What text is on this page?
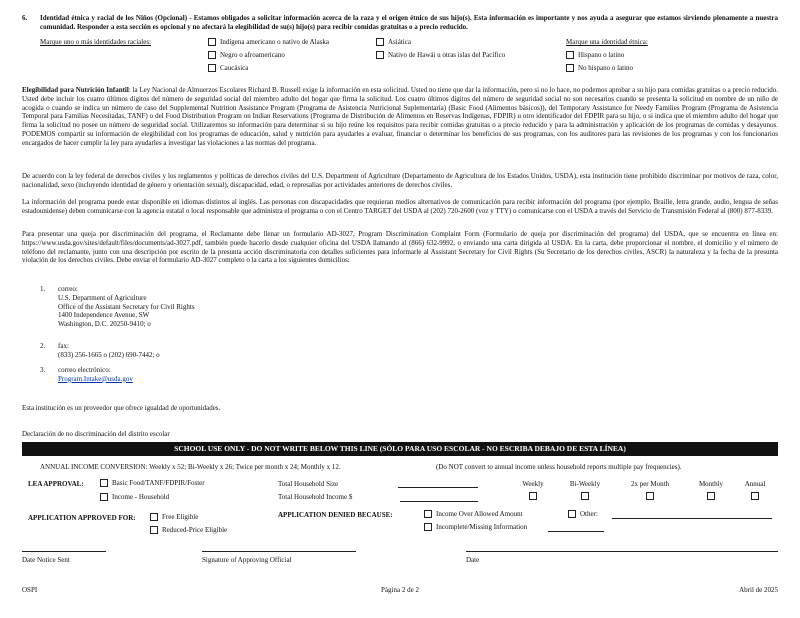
6. Identidad étnica y racial de los Niños (Opcional) - Estamos obligados a solicitar información acerca de la raza y el origen étnico de sus hijo(s). Esta información es importante y nos ayuda a asegurar que estamos sirviendo plenamente a nuestra comunidad. Responder a esta sección es opcional y no afectará la elegibilidad de su(s) hijo(s) para recibir comidas gratuitas o a precio reducido.
Marque uno o más identidades raciales:	Indígena americano o nativo de Alaska	Asiática
Negro o afroamericano	Nativo de Hawái u otras islas del Pacífico
Caucásica
Marque una identidad étnica:
Hispano o latino
No hispano o latino
Elegibilidad para Nutrición Infantil: la Ley Nacional de Almuerzos Escolares Richard B. Russell exige la información en esta solicitud. Usted no tiene que dar la información, pero si no lo hace, no podemos aprobar a su hijo para comidas gratuitas o a precio reducido. Usted debe incluir los cuatro últimos dígitos del número de seguridad social del miembro adulto del hogar que firma la solicitud. Los cuatro últimos dígitos del número de seguridad social no son necesarios cuando se presenta la solicitud en nombre de un niño de acogida o cuando se indica un número de caso del Supplemental Nutrition Assistance Program (Programa de Asistencia Nutricional Suplementaria) (Basic Food (Alimentos básicos)), del Temporary Assistance for Needy Families Program (Programa de Asistencia Temporal para Familias Necesitadas, TANF) o del Food Distribution Program on Indian Reservations (Programa de Distribución de Alimentos en Reservas Indígenas, FDPIR) u otro identificador del FDPIR para su hijo, o si indica que el miembro adulto del hogar que firma la solicitud no posee un número de seguridad social. Utilizaremos su información para determinar si su hijo reúne los requisitos para recibir comidas gratuitas o a precio reducido y para la administración y aplicación de los programas de comidas y desayunos. PODEMOS compartir su información de elegibilidad con los programas de educación, salud y nutrición para ayudarles a evaluar, financiar o determinar los beneficios de sus programas, con los auditores para las revisiones de los programas y con los funcionarios encargados de hacer cumplir la ley para ayudarles a investigar las violaciones a las normas del programa.
De acuerdo con la ley federal de derechos civiles y los reglamentos y políticas de derechos civiles del U.S. Department of Agriculture (Departamento de Agricultura de los Estados Unidos, USDA), esta institución tiene prohibido discriminar por motivos de raza, color, nacionalidad, sexo (incluyendo identidad de género y orientación sexual), discapacidad, edad, o represalias por actividades anteriores de derechos civiles.
La información del programa puede estar disponible en idiomas distintos al inglés. Las personas con discapacidades que requieran medios alternativos de comunicación para recibir información del programa (por ejemplo, Braille, letra grande, audio, lengua de señas estadounidense) deben comunicarse con la agencia estatal o local responsable que administra el programa o con el Centro TARGET del USDA al (202) 720-2600 (voz y TTY) o comunicarse con el USDA a través del Servicio de Transmisión Federal al (800) 877-8339.
Para presentar una queja por discriminación del programa, el Reclamante debe llenar un formulario AD-3027, Program Discrimination Complaint Form (Formulario de queja por discriminación del programa) del USDA, que se encuentra en línea en: https://www.usda.gov/sites/default/files/documents/ad-3027.pdf, también puede hacerlo desde cualquier oficina del USDA llamando al (866) 632-9992, o enviando una carta dirigida al USDA. En la carta, debe proporcionar el nombre, el domicilio y el número de teléfono del reclamante, junto con una descripción por escrito de la presunta acción discriminatoria con detalles suficientes para informarle al Assistant Secretary for Civil Rights (Su Secretario de los derechos civiles, ASCR) la naturaleza y la fecha de la presunta violación de los derechos civiles. Debe enviar el formulario AD-3027 completo o la carta a los siguientes domicilios:
1. correo:
U.S. Department of Agriculture
Office of the Assistant Secretary for Civil Rights
1400 Independence Avenue, SW
Washington, D.C. 20250-9410; o
2. fax:
(833) 256-1665 o (202) 690-7442; o
3. correo electrónico:
Program.Intake@usda.gov
Esta institución es un proveedor que ofrece igualdad de oportunidades.
Declaración de no discriminación del distrito escolar
SCHOOL USE ONLY - DO NOT WRITE BELOW THIS LINE (SÓLO PARA USO ESCOLAR - NO ESCRIBA DEBAJO DE ESTA LÍNEA)
ANNUAL INCOME CONVERSION: Weekly x 52; Bi-Weekly x 26; Twice per month x 24; Monthly x 12.	(Do NOT convert to annual income unless household reports multiple pay frequencies).
LEA APPROVAL:	Basic Food/TANF/FDPIR/Foster
Income - Household
Total Household Size
Total Household Income $
Weekly	Bi-Weekly	2x per Month	Monthly	Annual
APPLICATION APPROVED FOR:	Free Eligible
Reduced-Price Eligible
APPLICATION DENIED BECAUSE:	Income Over Allowed Amount
Incomplete/Missing Information
Other:
Date Notice Sent	Signature of Approving Official	Date
OSPI	Página 2 de 2	Abril de 2025
